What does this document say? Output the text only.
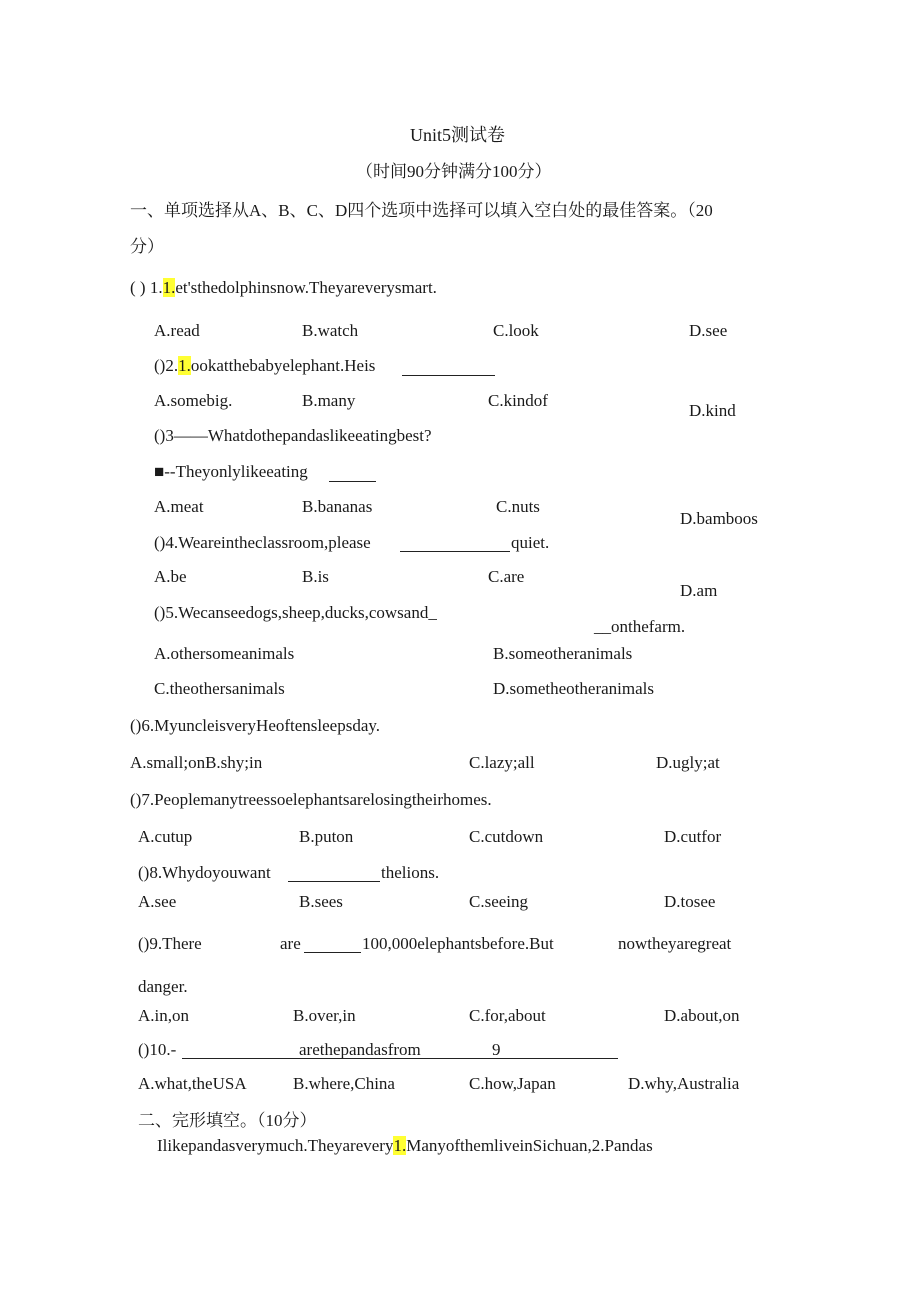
Unit5测试卷
（时间90分钟满分100分）
一、单项选择从A、B、C、D四个选项中选择可以填入空白处的最佳答案。（20
分）
( ) 1.1.et'sthedolphinsnow.Theyareverysmart.
A.read	B.watch	C.look	D.see
()2.1.ookatthebabyelephant.Heis
A.somebig.	B.many	C.kindof
D.kind
()3——Whatdothepandaslikeeatingbest?
■--Theyonlylikeeating
A.meat	B.bananas	C.nuts
D.bamboos
()4.Weareintheclassroom,please	quiet.
A.be	B.is	C.are
D.am
()5.Wecanseedogs,sheep,ducks,cowsand_
__onthefarm.
A.othersomeanimals	B.someotheranimals
C.theothersanimals	D.sometheotheranimals
()6.MyuncleisveryHeoftensleepsday.
A.small;onB.shy;in	C.lazy;all	D.ugly;at
()7.Peoplemanytreessoelephantsarelosingtheirhomes.
A.cutup	B.puton	C.cutdown	D.cutfor
()8.Whydoyouwant	thelions.
A.see	B.sees	C.seeing	D.tosee
()9.There	are	100,000elephantsbefore.But	nowtheyaregreat
danger.
A.in,on	B.over,in	C.for,about	D.about,on
()10.-	arethepandasfrom	9
A.what,theUSA	B.where,China	C.how,Japan	D.why,Australia
二、完形填空。（10分）
Ilikepandasverymuch.Theyarevery1.ManyofthemliveinSichuan,2.Pandas
